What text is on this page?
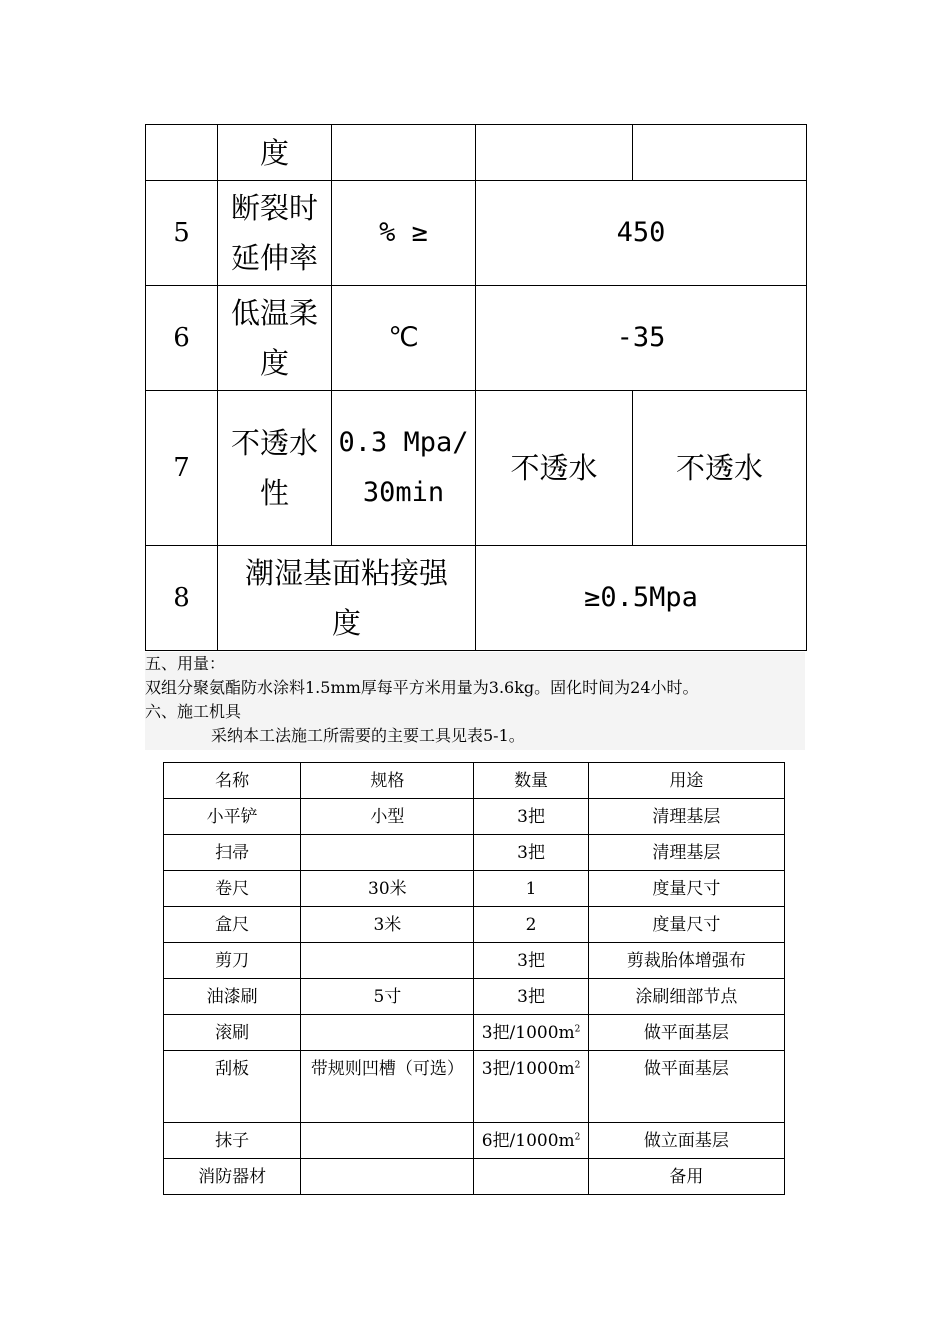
	度			
5	断裂时延伸率	% ≥	450	
6	低温柔度	℃	-35	
7	不透水性	0.3 Mpa/30min	不透水	不透水
8	潮湿基面粘接强度		≥0.5Mpa	
五、用量：
双组分聚氨酯防水涂料1.5mm厚每平方米用量为3.6kg。固化时间为24小时。
六、施工机具
采纳本工法施工所需要的主要工具见表5-1。
名称	规格	数量	用途
小平铲	小型	3把	清理基层
扫帚		3把	清理基层
卷尺	30米	1	度量尺寸
盒尺	3米	2	度量尺寸
剪刀		3把	剪裁胎体增强布
油漆刷	5寸	3把	涂刷细部节点
滚刷		3把$/1000m^2$	做平面基层
刮板	带规则凹槽（可选）	3把$/1000m^2$	做平面基层
抹子		6把$/1000m^2$	做立面基层
消防器材			备用
